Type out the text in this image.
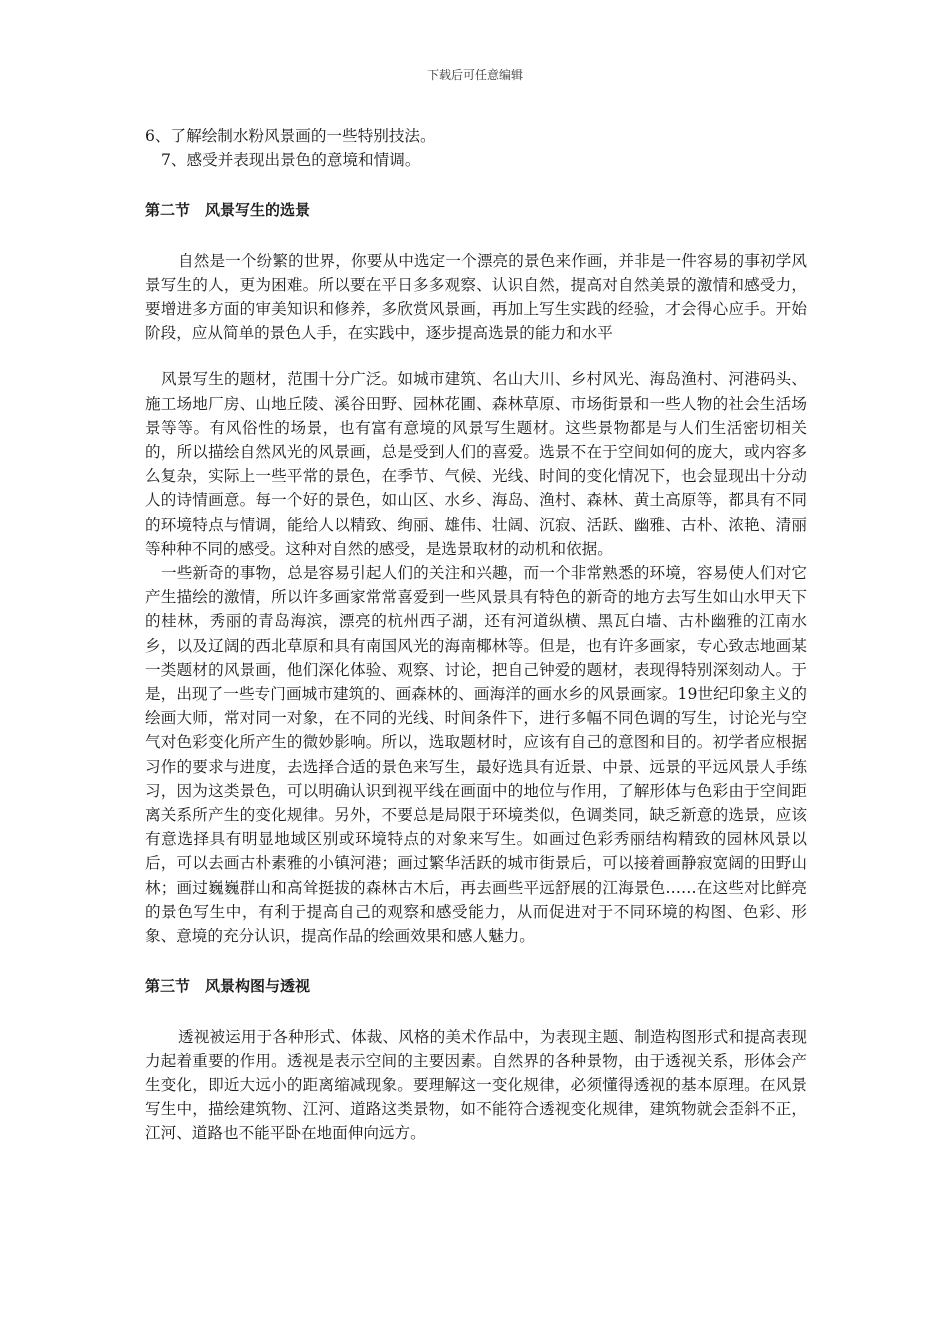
下载后可任意编辑

6、了解绘制水粉风景画的一些特别技法。

7、感受并表现出景色的意境和情调。

第二节　风景写生的选景

自然是一个纷繁的世界，你要从中选定一个漂亮的景色来作画，并非是一件容易的事初学风景写生的人，更为困难。所以要在平日多多观察、认识自然，提高对自然美景的激情和感受力，要增进多方面的审美知识和修养，多欣赏风景画，再加上写生实践的经验，才会得心应手。开始阶段，应从简单的景色人手，在实践中，逐步提高选景的能力和水平

风景写生的题材，范围十分广泛。如城市建筑、名山大川、乡村风光、海岛渔村、河港码头、施工场地厂房、山地丘陵、溪谷田野、园林花圃、森林草原、市场街景和一些人物的社会生活场景等等。有风俗性的场景，也有富有意境的风景写生题材。这些景物都是与人们生活密切相关的，所以描绘自然风光的风景画，总是受到人们的喜爱。选景不在于空间如何的庞大，或内容多么复杂，实际上一些平常的景色，在季节、气候、光线、时间的变化情况下，也会显现出十分动人的诗情画意。每一个好的景色，如山区、水乡、海岛、渔村、森林、黄土高原等，都具有不同的环境特点与情调，能给人以精致、绚丽、雄伟、壮阔、沉寂、活跃、幽雅、古朴、浓艳、清丽等种种不同的感受。这种对自然的感受，是选景取材的动机和依据。

一些新奇的事物，总是容易引起人们的关注和兴趣，而一个非常熟悉的环境，容易使人们对它产生描绘的激情，所以许多画家常常喜爱到一些风景具有特色的新奇的地方去写生如山水甲天下的桂林，秀丽的青岛海滨，漂亮的杭州西子湖，还有河道纵横、黑瓦白墙、古朴幽雅的江南水乡，以及辽阔的西北草原和具有南国风光的海南椰林等。但是，也有许多画家，专心致志地画某一类题材的风景画，他们深化体验、观察、讨论，把自己钟爱的题材，表现得特别深刻动人。于是，出现了一些专门画城市建筑的、画森林的、画海洋的画水乡的风景画家。19世纪印象主义的绘画大师，常对同一对象，在不同的光线、时间条件下，进行多幅不同色调的写生，讨论光与空气对色彩变化所产生的微妙影响。所以，选取题材时，应该有自己的意图和目的。初学者应根据习作的要求与进度，去选择合适的景色来写生，最好选具有近景、中景、远景的平远风景人手练习，因为这类景色，可以明确认识到视平线在画面中的地位与作用，了解形体与色彩由于空间距离关系所产生的变化规律。另外，不要总是局限于环境类似，色调类同，缺乏新意的选景，应该有意选择具有明显地域区别或环境特点的对象来写生。如画过色彩秀丽结构精致的园林风景以后，可以去画古朴素雅的小镇河港；画过繁华活跃的城市街景后，可以接着画静寂宽阔的田野山林；画过巍巍群山和高耸挺拔的森林古木后，再去画些平远舒展的江海景色……在这些对比鲜亮的景色写生中，有利于提高自己的观察和感受能力，从而促进对于不同环境的构图、色彩、形象、意境的充分认识，提高作品的绘画效果和感人魅力。

第三节　风景构图与透视

透视被运用于各种形式、体裁、风格的美术作品中，为表现主题、制造构图形式和提高表现力起着重要的作用。透视是表示空间的主要因素。自然界的各种景物，由于透视关系，形体会产生变化，即近大远小的距离缩减现象。要理解这一变化规律，必须懂得透视的基本原理。在风景写生中，描绘建筑物、江河、道路这类景物，如不能符合透视变化规律，建筑物就会歪斜不正，江河、道路也不能平卧在地面伸向远方。
